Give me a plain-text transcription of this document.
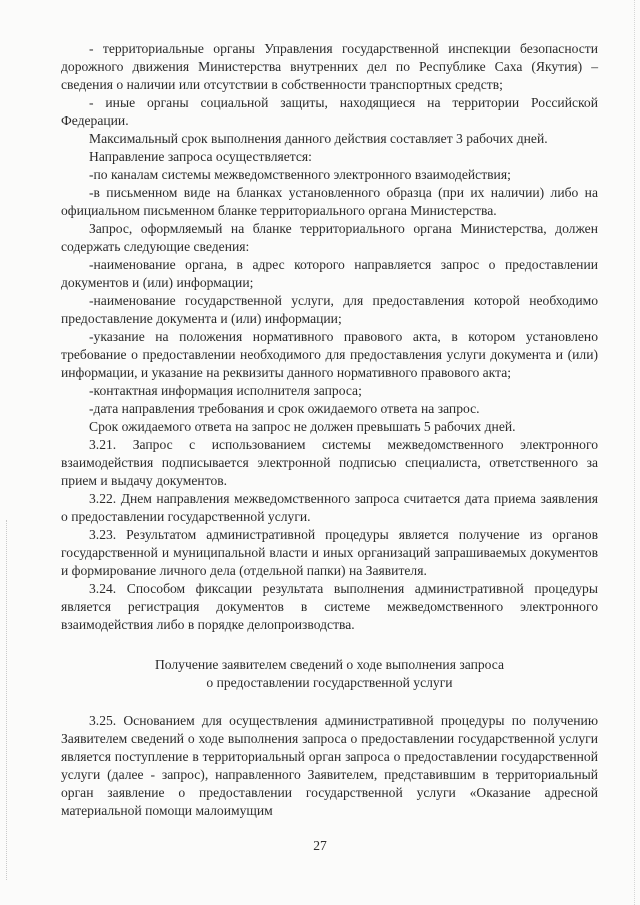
- территориальные органы Управления государственной инспекции безопасности дорожного движения Министерства внутренних дел по Республике Саха (Якутия) – сведения о наличии или отсутствии в собственности транспортных средств;

- иные органы социальной защиты, находящиеся на территории Российской Федерации.

Максимальный срок выполнения данного действия составляет 3 рабочих дней.

Направление запроса осуществляется:

-по каналам системы межведомственного электронного взаимодействия;

-в письменном виде на бланках установленного образца (при их наличии) либо на официальном письменном бланке территориального органа Министерства.

Запрос, оформляемый на бланке территориального органа Министерства, должен содержать следующие сведения:

-наименование органа, в адрес которого направляется запрос о предоставлении документов и (или) информации;

-наименование государственной услуги, для предоставления которой необходимо предоставление документа и (или) информации;

-указание на положения нормативного правового акта, в котором установлено требование о предоставлении необходимого для предоставления услуги документа и (или) информации, и указание на реквизиты данного нормативного правового акта;

-контактная информация исполнителя запроса;

-дата направления требования и срок ожидаемого ответа на запрос.

Срок ожидаемого ответа на запрос не должен превышать 5 рабочих дней.

3.21. Запрос с использованием системы межведомственного электронного взаимодействия подписывается электронной подписью специалиста, ответственного за прием и выдачу документов.

3.22. Днем направления межведомственного запроса считается дата приема заявления о предоставлении государственной услуги.

3.23. Результатом административной процедуры является получение из органов государственной и муниципальной власти и иных организаций запрашиваемых документов и формирование личного дела (отдельной папки) на Заявителя.

3.24. Способом фиксации результата выполнения административной процедуры является регистрация документов в системе межведомственного электронного взаимодействия либо в порядке делопроизводства.

Получение заявителем сведений о ходе выполнения запроса
о предоставлении государственной услуги

3.25. Основанием для осуществления административной процедуры по получению Заявителем сведений о ходе выполнения запроса о предоставлении государственной услуги является поступление в территориальный орган запроса о предоставлении государственной услуги (далее - запрос), направленного Заявителем, представившим в территориальный орган заявление о предоставлении государственной услуги «Оказание адресной материальной помощи малоимущим

27
